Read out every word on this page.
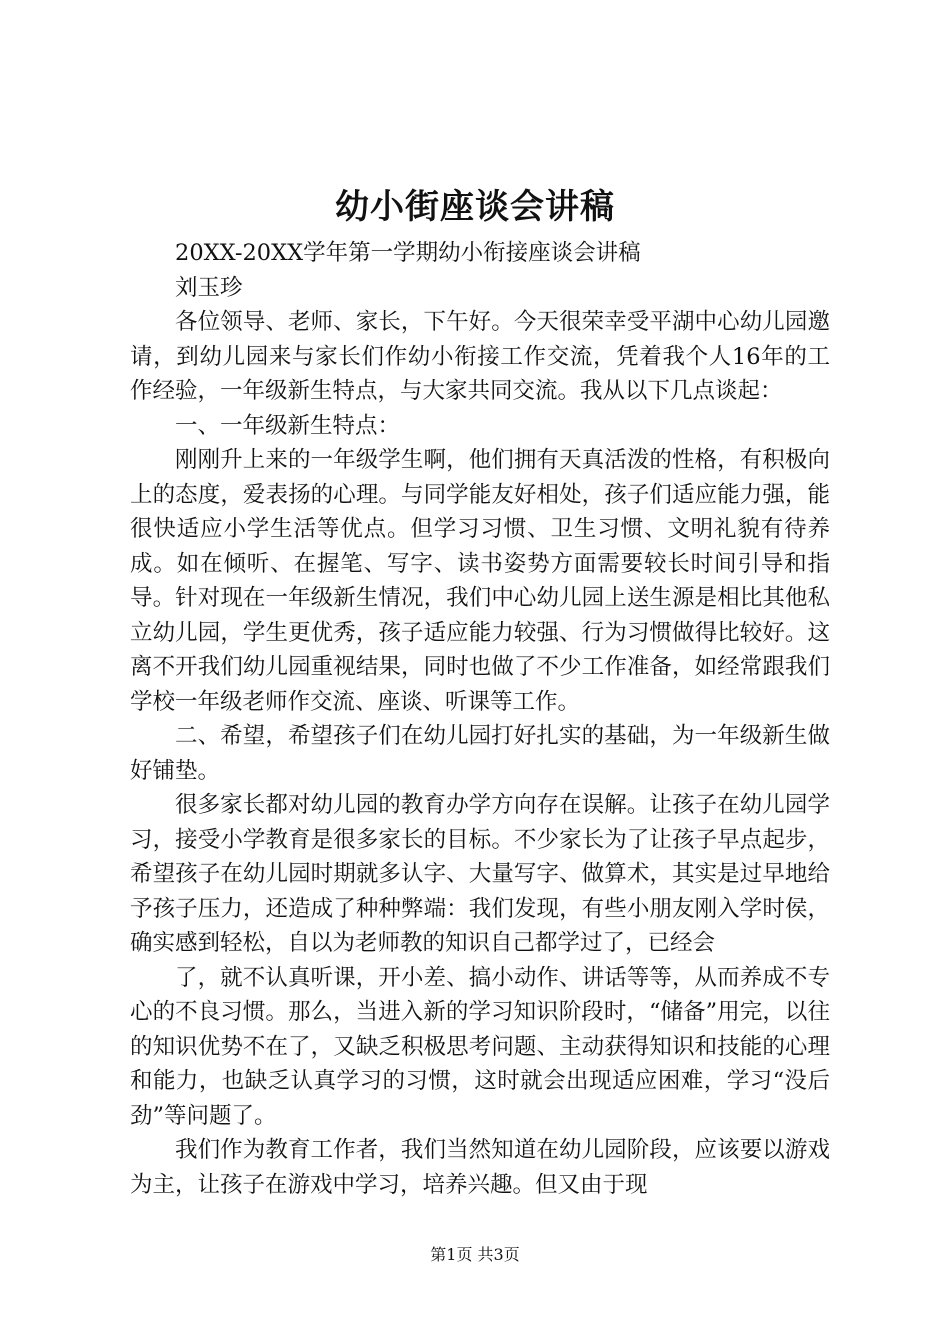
幼小街座谈会讲稿

20XX-20XX学年第一学期幼小衔接座谈会讲稿

刘玉珍

各位领导、老师、家长，下午好。今天很荣幸受平湖中心幼儿园邀请，到幼儿园来与家长们作幼小衔接工作交流，凭着我个人16年的工作经验，一年级新生特点，与大家共同交流。我从以下几点谈起：

一、一年级新生特点：

刚刚升上来的一年级学生啊，他们拥有天真活泼的性格，有积极向上的态度，爱表扬的心理。与同学能友好相处，孩子们适应能力强，能很快适应小学生活等优点。但学习习惯、卫生习惯、文明礼貌有待养成。如在倾听、在握笔、写字、读书姿势方面需要较长时间引导和指导。针对现在一年级新生情况，我们中心幼儿园上送生源是相比其他私立幼儿园，学生更优秀，孩子适应能力较强、行为习惯做得比较好。这离不开我们幼儿园重视结果，同时也做了不少工作准备，如经常跟我们学校一年级老师作交流、座谈、听课等工作。

二、希望，希望孩子们在幼儿园打好扎实的基础，为一年级新生做好铺垫。

很多家长都对幼儿园的教育办学方向存在误解。让孩子在幼儿园学习，接受小学教育是很多家长的目标。不少家长为了让孩子早点起步，希望孩子在幼儿园时期就多认字、大量写字、做算术，其实是过早地给予孩子压力，还造成了种种弊端：我们发现，有些小朋友刚入学时侯，确实感到轻松，自以为老师教的知识自己都学过了，已经会

了，就不认真听课，开小差、搞小动作、讲话等等，从而养成不专心的不良习惯。那么，当进入新的学习知识阶段时，“储备”用完，以往的知识优势不在了，又缺乏积极思考问题、主动获得知识和技能的心理和能力，也缺乏认真学习的习惯，这时就会出现适应困难，学习“没后劲”等问题了。

我们作为教育工作者，我们当然知道在幼儿园阶段，应该要以游戏为主，让孩子在游戏中学习，培养兴趣。但又由于现

第1页 共3页
